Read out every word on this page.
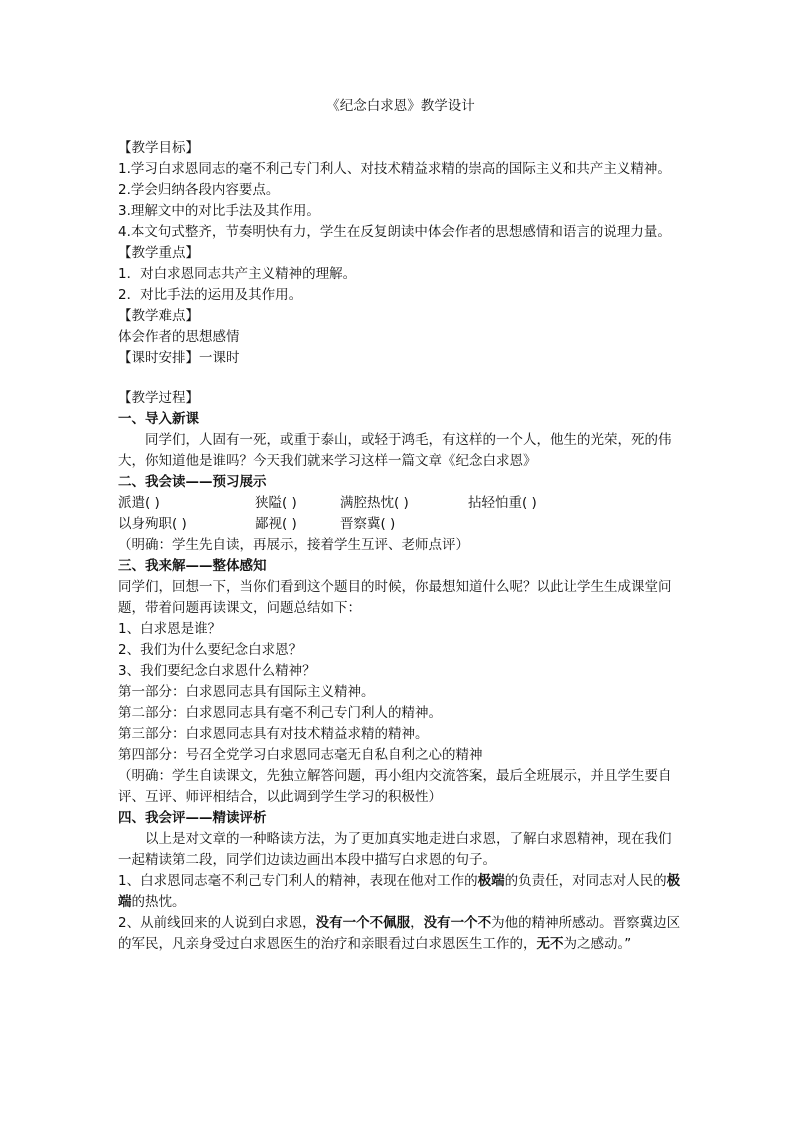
《纪念白求恩》教学设计

【教学目标】

1.学习白求恩同志的毫不利己专门利人、对技术精益求精的崇高的国际主义和共产主义精神。

2.学会归纳各段内容要点。

3.理解文中的对比手法及其作用。

4.本文句式整齐，节奏明快有力，学生在反复朗读中体会作者的思想感情和语言的说理力量。

【教学重点】

1．对白求恩同志共产主义精神的理解。

2．对比手法的运用及其作用。

【教学难点】

体会作者的思想感情

【课时安排】一课时

【教学过程】

一、导入新课

同学们，人固有一死，或重于泰山，或轻于鸿毛，有这样的一个人，他生的光荣，死的伟大，你知道他是谁吗？今天我们就来学习这样一篇文章《纪念白求恩》

二、我会读——预习展示

派遣( )	狭隘( )	满腔热忱( )	拈轻怕重( )
以身殉职( )	鄙视( )	晋察冀( )

（明确：学生先自读，再展示，接着学生互评、老师点评）

三、我来解——整体感知

同学们，回想一下，当你们看到这个题目的时候，你最想知道什么呢？以此让学生生成课堂问题，带着问题再读课文，问题总结如下：

1、白求恩是谁？

2、我们为什么要纪念白求恩？

3、我们要纪念白求恩什么精神？

第一部分：白求恩同志具有国际主义精神。

第二部分：白求恩同志具有毫不利己专门利人的精神。

第三部分：白求恩同志具有对技术精益求精的精神。

第四部分：号召全党学习白求恩同志毫无自私自利之心的精神

（明确：学生自读课文，先独立解答问题，再小组内交流答案，最后全班展示，并且学生要自评、互评、师评相结合，以此调到学生学习的积极性）

四、我会评——精读评析

以上是对文章的一种略读方法，为了更加真实地走进白求恩，了解白求恩精神，现在我们一起精读第二段，同学们边读边画出本段中描写白求恩的句子。

1、白求恩同志毫不利己专门利人的精神，表现在他对工作的极端的负责任，对同志对人民的极端的热忱。

2、从前线回来的人说到白求恩，没有一个不佩服，没有一个不为他的精神所感动。晋察冀边区的军民，凡亲身受过白求恩医生的治疗和亲眼看过白求恩医生工作的，无不为之感动。”
